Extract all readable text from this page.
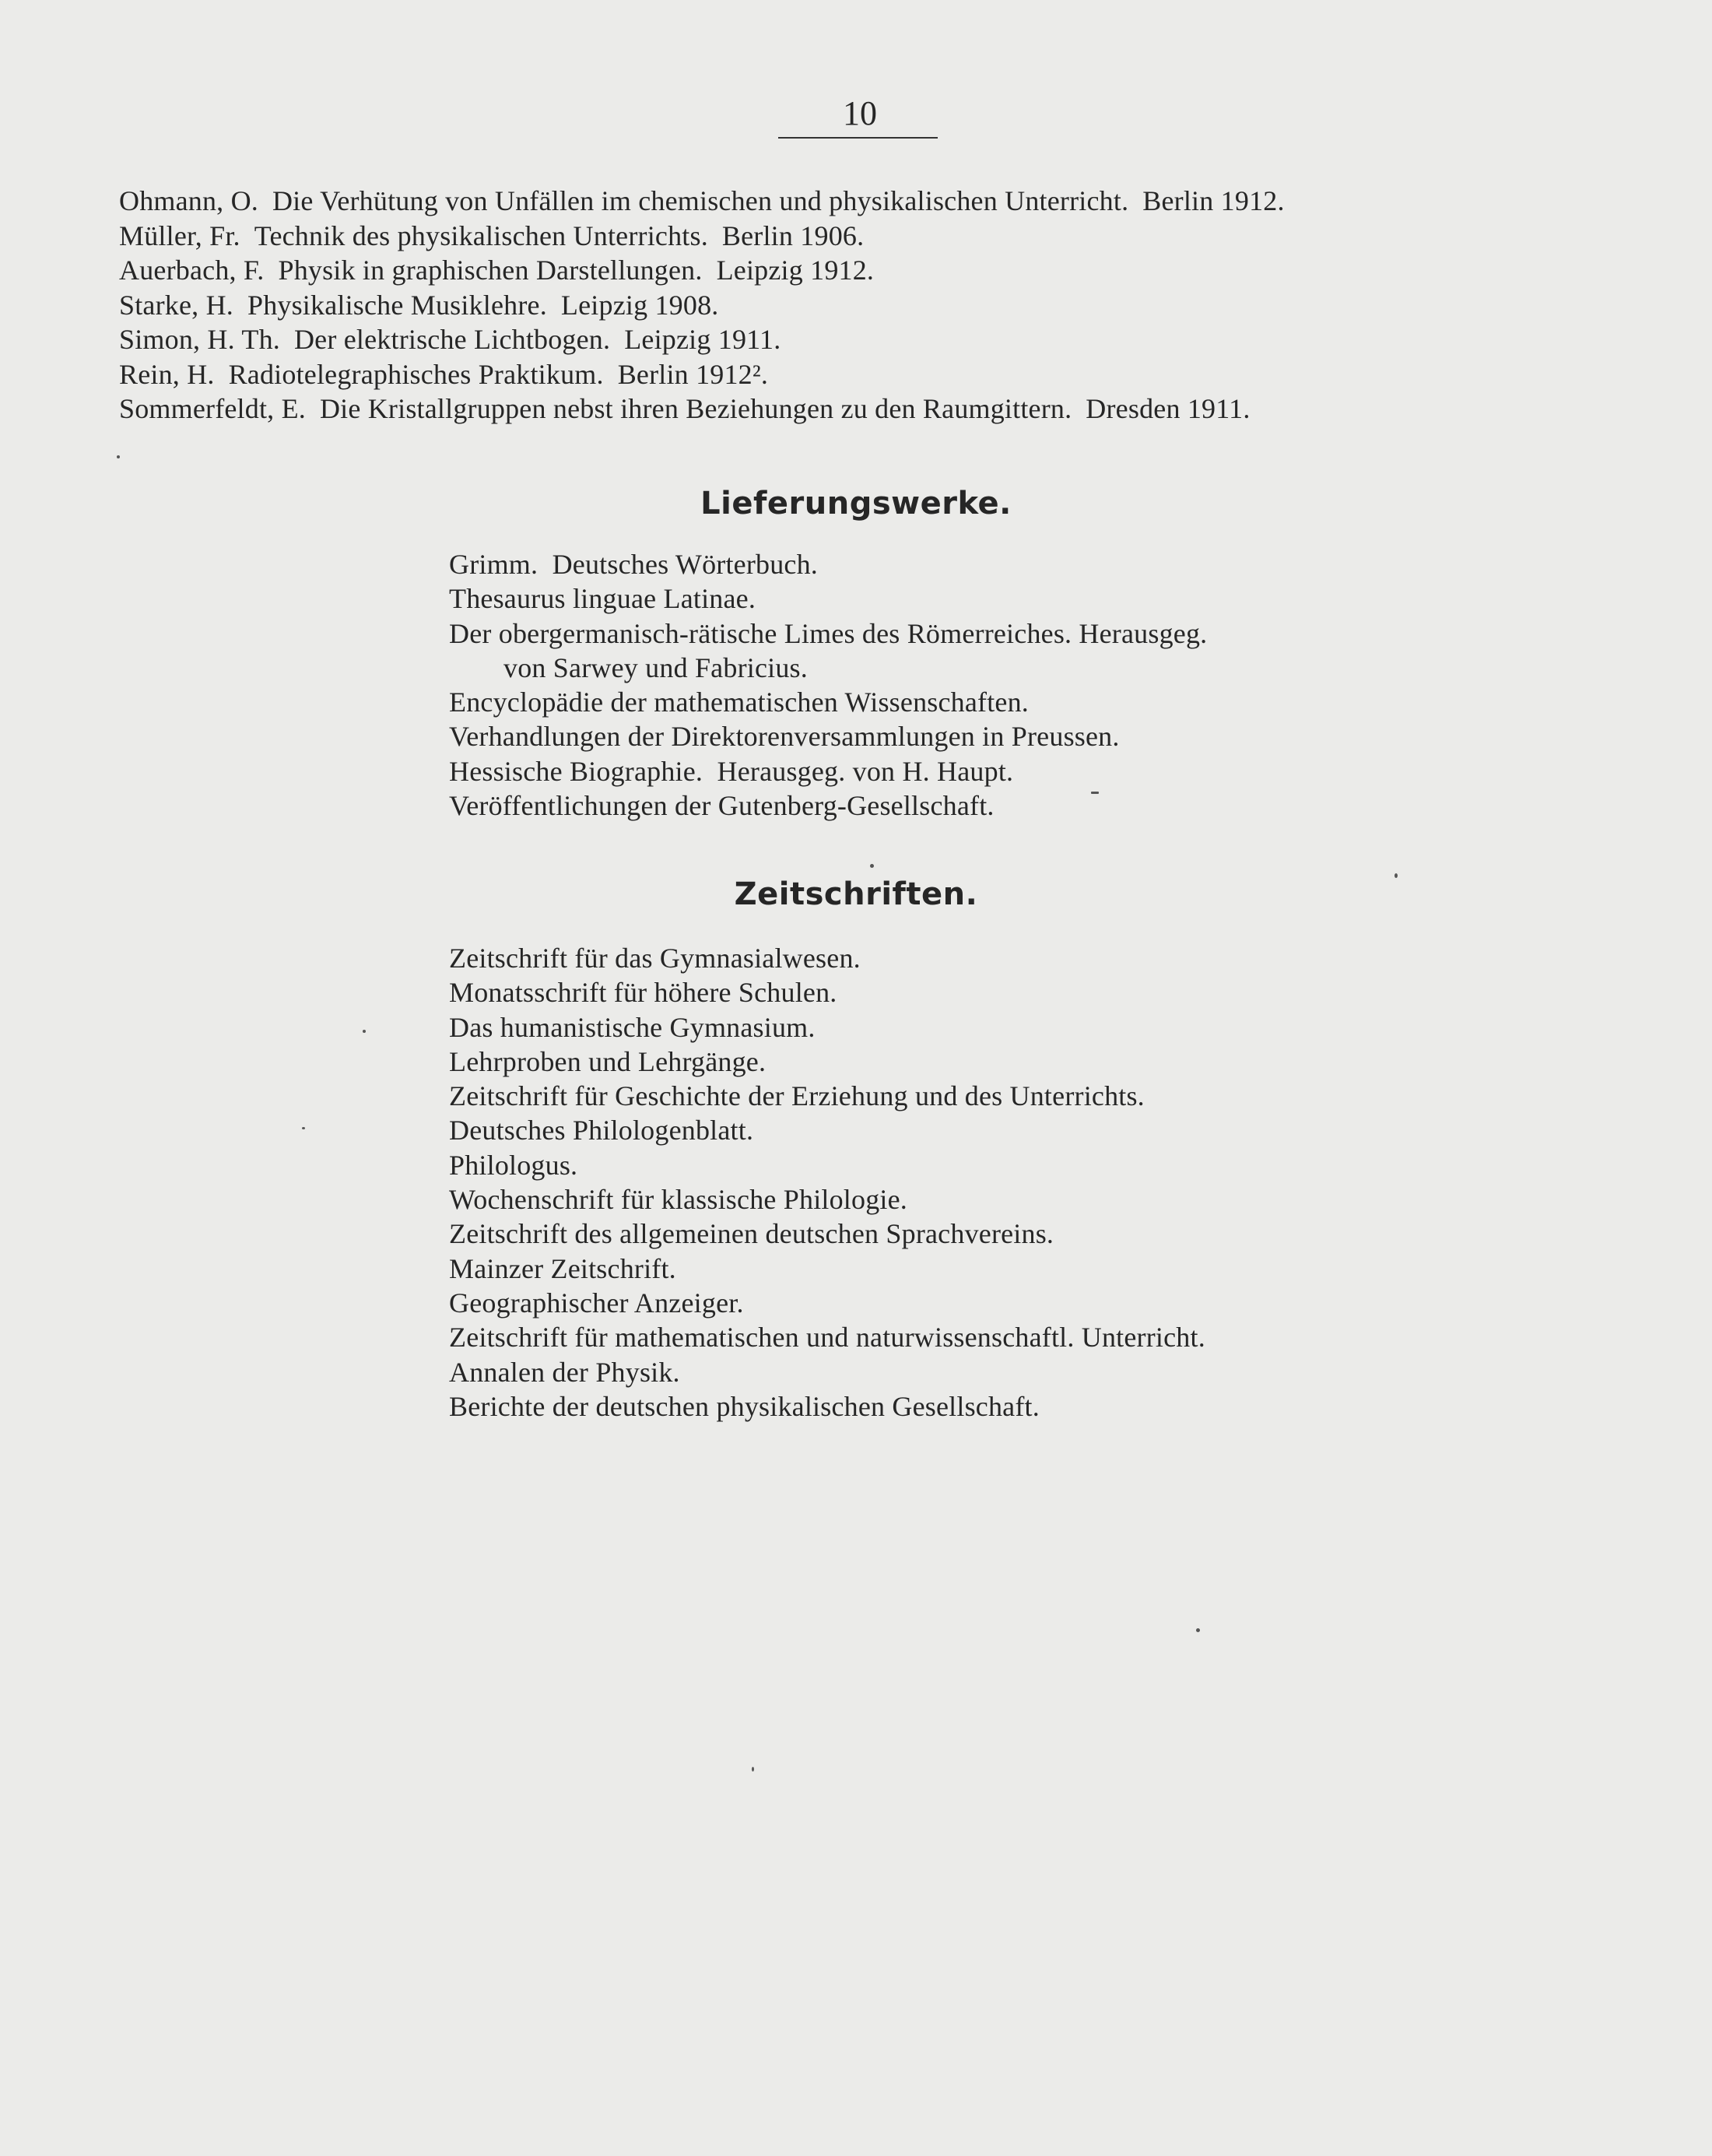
10
Ohmann, O. Die Verhütung von Unfällen im chemischen und physikalischen Unterricht. Berlin 1912.
Müller, Fr. Technik des physikalischen Unterrichts. Berlin 1906.
Auerbach, F. Physik in graphischen Darstellungen. Leipzig 1912.
Starke, H. Physikalische Musiklehre. Leipzig 1908.
Simon, H. Th. Der elektrische Lichtbogen. Leipzig 1911.
Rein, H. Radiotelegraphisches Praktikum. Berlin 1912².
Sommerfeldt, E. Die Kristallgruppen nebst ihren Beziehungen zu den Raumgittern. Dresden 1911.
Lieferungswerke.
Grimm.  Deutsches Wörterbuch.
Thesaurus linguae Latinae.
Der obergermanisch-rätische Limes des Römerreiches. Herausgeg.
von Sarwey und Fabricius.
Encyclopädie der mathematischen Wissenschaften.
Verhandlungen der Direktorenversammlungen in Preussen.
Hessische Biographie.  Herausgeg. von H. Haupt.
Veröffentlichungen der Gutenberg-Gesellschaft.
Zeitschriften.
Zeitschrift für das Gymnasialwesen.
Monatsschrift für höhere Schulen.
Das humanistische Gymnasium.
Lehrproben und Lehrgänge.
Zeitschrift für Geschichte der Erziehung und des Unterrichts.
Deutsches Philologenblatt.
Philologus.
Wochenschrift für klassische Philologie.
Zeitschrift des allgemeinen deutschen Sprachvereins.
Mainzer Zeitschrift.
Geographischer Anzeiger.
Zeitschrift für mathematischen und naturwissenschaftl. Unterricht.
Annalen der Physik.
Berichte der deutschen physikalischen Gesellschaft.
